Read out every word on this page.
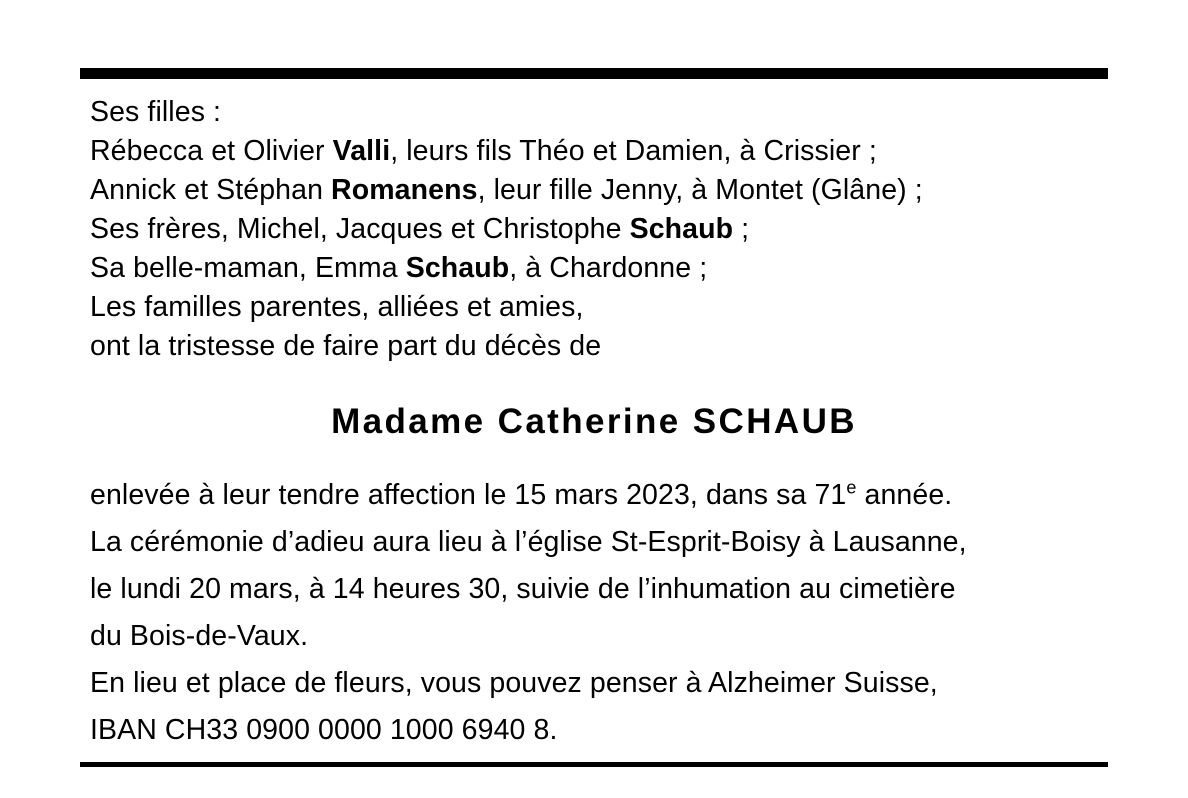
Ses filles :
Rébecca et Olivier Valli, leurs fils Théo et Damien, à Crissier ;
Annick et Stéphan Romanens, leur fille Jenny, à Montet (Glâne) ;
Ses frères, Michel, Jacques et Christophe Schaub ;
Sa belle-maman, Emma Schaub, à Chardonne ;
Les familles parentes, alliées et amies,
ont la tristesse de faire part du décès de
Madame Catherine SCHAUB
enlevée à leur tendre affection le 15 mars 2023, dans sa 71e année.
La cérémonie d’adieu aura lieu à l’église St-Esprit-Boisy à Lausanne,
le lundi 20 mars, à 14 heures 30, suivie de l’inhumation au cimetière
du Bois-de-Vaux.
En lieu et place de fleurs, vous pouvez penser à Alzheimer Suisse,
IBAN CH33 0900 0000 1000 6940 8.
